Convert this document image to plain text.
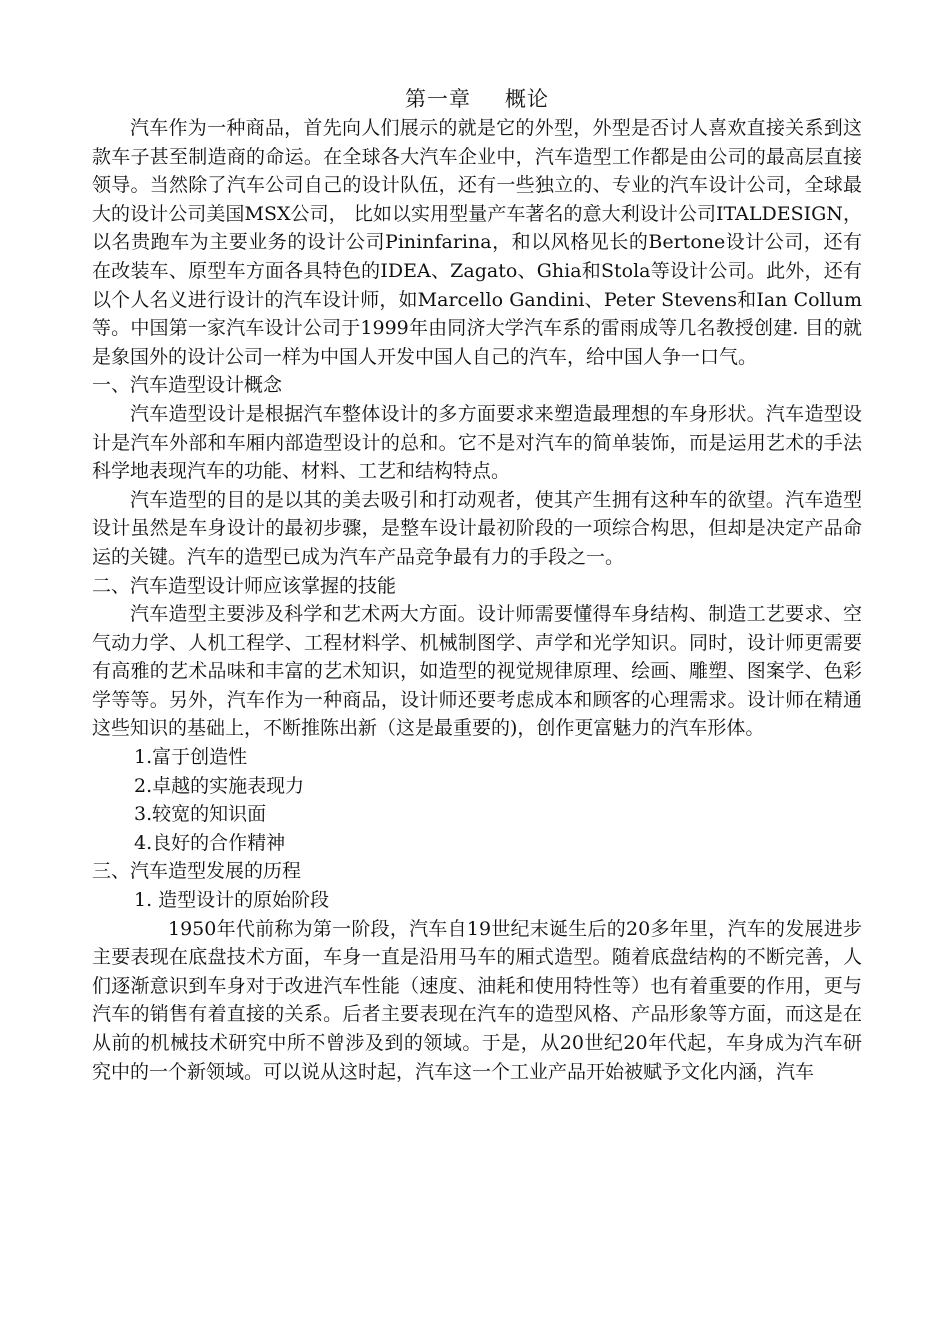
第一章 概论

汽车作为一种商品，首先向人们展示的就是它的外型，外型是否讨人喜欢直接关系到这款车子甚至制造商的命运。在全球各大汽车企业中，汽车造型工作都是由公司的最高层直接领导。当然除了汽车公司自己的设计队伍，还有一些独立的、专业的汽车设计公司，全球最大的设计公司美国MSX公司， 比如以实用型量产车著名的意大利设计公司ITALDESIGN，以名贵跑车为主要业务的设计公司Pininfarina，和以风格见长的Bertone设计公司，还有在改装车、原型车方面各具特色的IDEA、Zagato、Ghia和Stola等设计公司。此外，还有以个人名义进行设计的汽车设计师，如Marcello Gandini、Peter Stevens和Ian Collum等。中国第一家汽车设计公司于1999年由同济大学汽车系的雷雨成等几名教授创建. 目的就是象国外的设计公司一样为中国人开发中国人自己的汽车，给中国人争一口气。

一、汽车造型设计概念

汽车造型设计是根据汽车整体设计的多方面要求来塑造最理想的车身形状。汽车造型设计是汽车外部和车厢内部造型设计的总和。它不是对汽车的简单装饰，而是运用艺术的手法科学地表现汽车的功能、材料、工艺和结构特点。

汽车造型的目的是以其的美去吸引和打动观者，使其产生拥有这种车的欲望。汽车造型设计虽然是车身设计的最初步骤，是整车设计最初阶段的一项综合构思，但却是决定产品命运的关键。汽车的造型已成为汽车产品竞争最有力的手段之一。

二、汽车造型设计师应该掌握的技能

汽车造型主要涉及科学和艺术两大方面。设计师需要懂得车身结构、制造工艺要求、空气动力学、人机工程学、工程材料学、机械制图学、声学和光学知识。同时，设计师更需要有高雅的艺术品味和丰富的艺术知识，如造型的视觉规律原理、绘画、雕塑、图案学、色彩学等等。另外，汽车作为一种商品，设计师还要考虑成本和顾客的心理需求。设计师在精通这些知识的基础上，不断推陈出新（这是最重要的)，创作更富魅力的汽车形体。

1.富于创造性
2.卓越的实施表现力
3.较宽的知识面
4.良好的合作精神
三、汽车造型发展的历程
1. 造型设计的原始阶段

1950年代前称为第一阶段，汽车自19世纪末诞生后的20多年里，汽车的发展进步主要表现在底盘技术方面，车身一直是沿用马车的厢式造型。随着底盘结构的不断完善，人们逐渐意识到车身对于改进汽车性能（速度、油耗和使用特性等）也有着重要的作用，更与汽车的销售有着直接的关系。后者主要表现在汽车的造型风格、产品形象等方面，而这是在从前的机械技术研究中所不曾涉及到的领域。于是，从20世纪20年代起，车身成为汽车研究中的一个新领域。可以说从这时起，汽车这一个工业产品开始被赋予文化内涵，汽车
